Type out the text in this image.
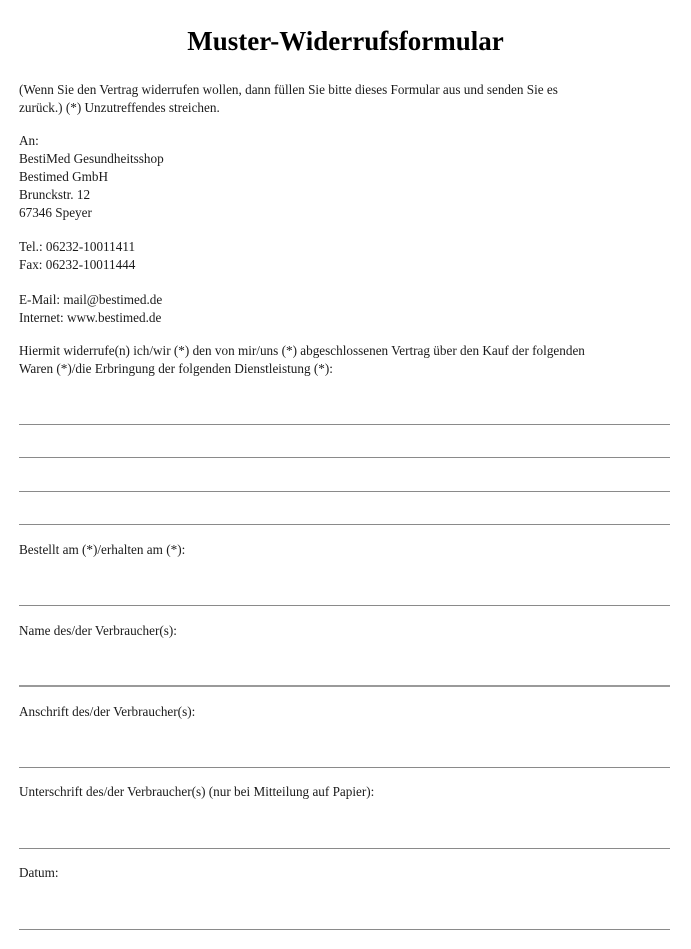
Muster-Widerrufsformular

(Wenn Sie den Vertrag widerrufen wollen, dann füllen Sie bitte dieses Formular aus und senden Sie es

zurück.) (*) Unzutreffendes streichen.

An:

BestiMed Gesundheitsshop

Bestimed GmbH

Brunckstr. 12

67346 Speyer

Tel.: 06232-10011411

Fax: 06232-10011444

E-Mail: mail@bestimed.de

Internet: www.bestimed.de

Hiermit widerrufe(n) ich/wir (*) den von mir/uns (*) abgeschlossenen Vertrag über den Kauf der folgenden

Waren (*)/die Erbringung der folgenden Dienstleistung (*):

Bestellt am (*)/erhalten am (*):

Name des/der Verbraucher(s):

Anschrift des/der Verbraucher(s):

Unterschrift des/der Verbraucher(s) (nur bei Mitteilung auf Papier):

Datum:
